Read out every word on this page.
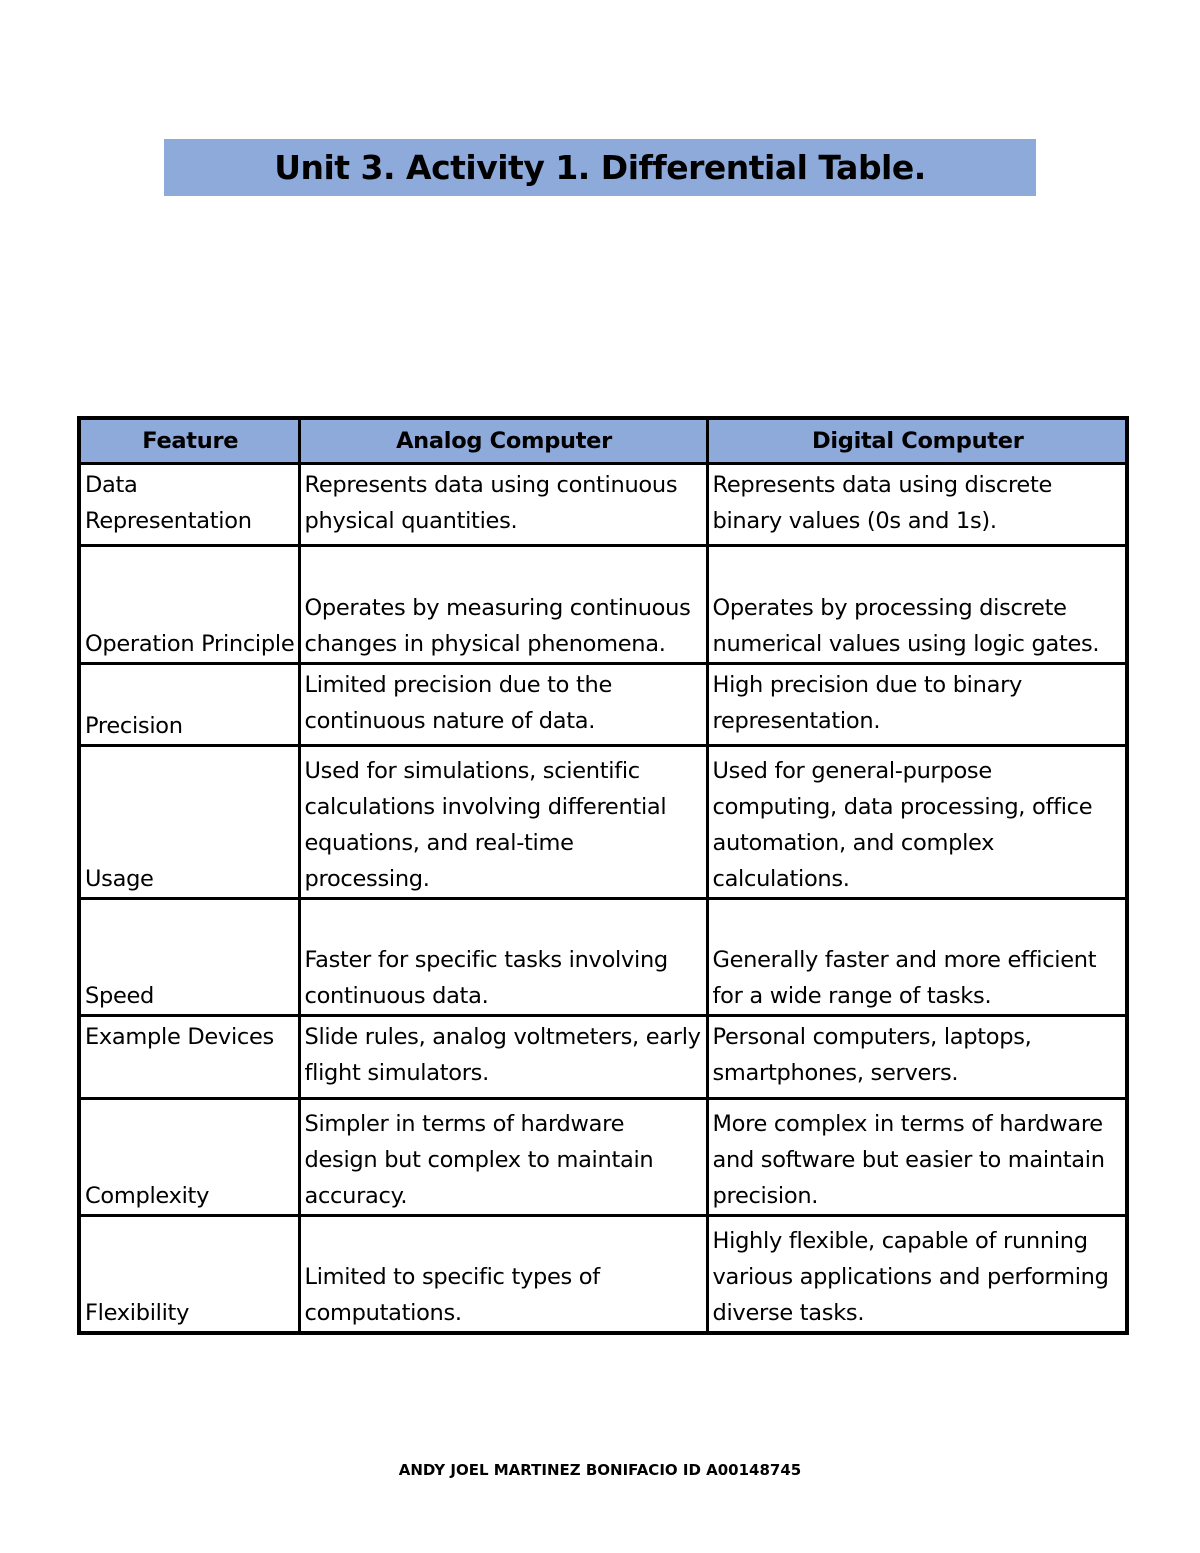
Unit 3. Activity 1. Differential Table.
Feature	Analog Computer	Digital Computer
Data Representation	Represents data using continuous physical quantities.	Represents data using discrete binary values (0s and 1s).
Operation Principle	Operates by measuring continuous changes in physical phenomena.	Operates by processing discrete numerical values using logic gates.
Precision	Limited precision due to the continuous nature of data.	High precision due to binary representation.
Usage	Used for simulations, scientific calculations involving differential equations, and real-time processing.	Used for general-purpose computing, data processing, office automation, and complex calculations.
Speed	Faster for specific tasks involving continuous data.	Generally faster and more efficient for a wide range of tasks.
Example Devices	Slide rules, analog voltmeters, early flight simulators.	Personal computers, laptops, smartphones, servers.
Complexity	Simpler in terms of hardware design but complex to maintain accuracy.	More complex in terms of hardware and software but easier to maintain precision.
Flexibility	Limited to specific types of computations.	Highly flexible, capable of running various applications and performing diverse tasks.
ANDY JOEL MARTINEZ BONIFACIO ID A00148745
